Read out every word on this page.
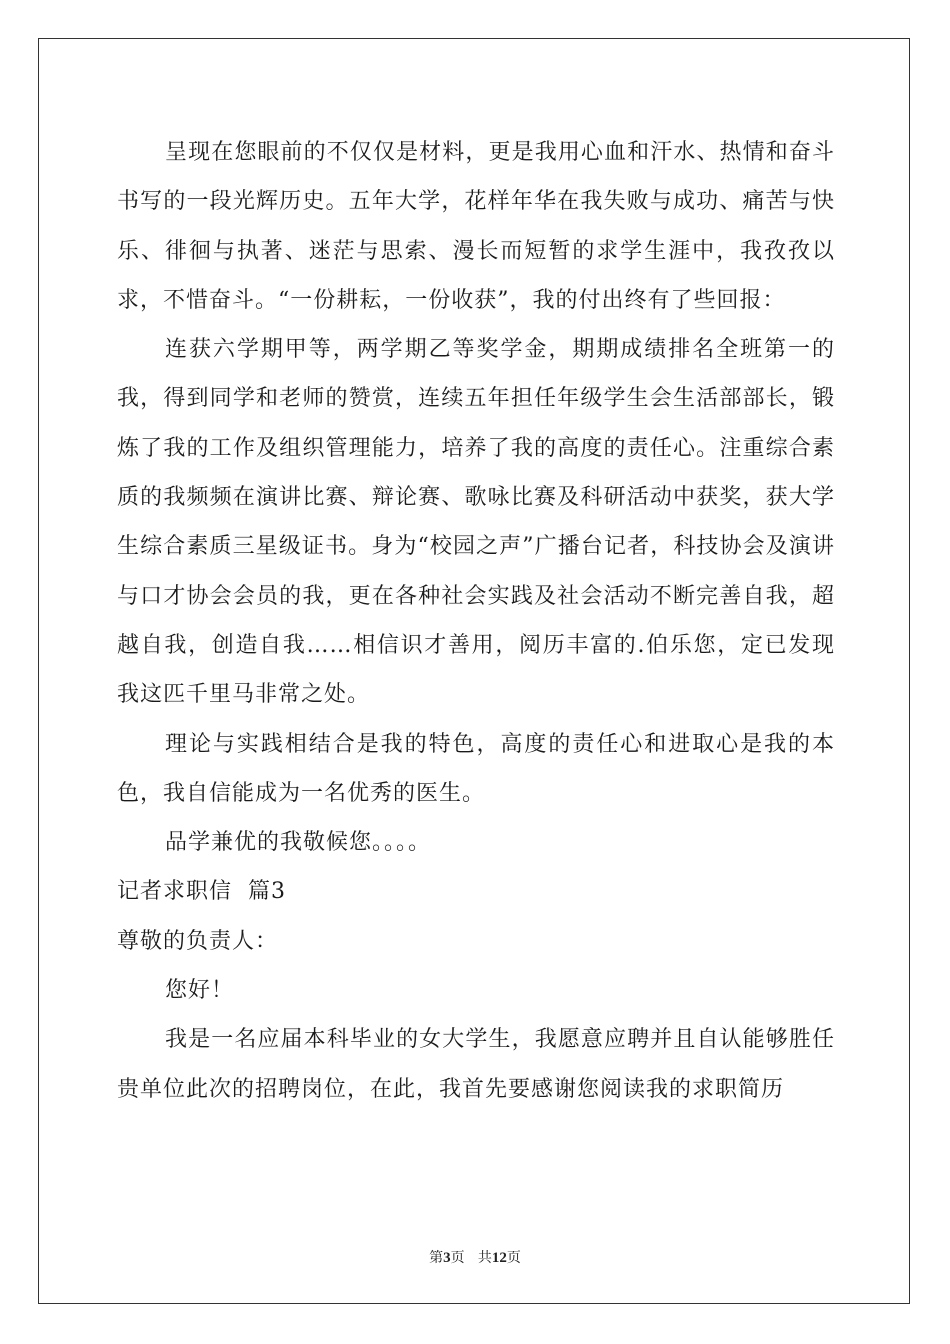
呈现在您眼前的不仅仅是材料，更是我用心血和汗水、热情和奋斗书写的一段光辉历史。五年大学，花样年华在我失败与成功、痛苦与快乐、徘徊与执著、迷茫与思索、漫长而短暂的求学生涯中，我孜孜以求，不惜奋斗。“一份耕耘，一份收获”，我的付出终有了些回报：

连获六学期甲等，两学期乙等奖学金，期期成绩排名全班第一的我，得到同学和老师的赞赏，连续五年担任年级学生会生活部部长，锻炼了我的工作及组织管理能力，培养了我的高度的责任心。注重综合素质的我频频在演讲比赛、辩论赛、歌咏比赛及科研活动中获奖，获大学生综合素质三星级证书。身为“校园之声”广播台记者，科技协会及演讲与口才协会会员的我，更在各种社会实践及社会活动不断完善自我，超越自我，创造自我……相信识才善用，阅历丰富的.伯乐您，定已发现我这匹千里马非常之处。

理论与实践相结合是我的特色，高度的责任心和进取心是我的本色，我自信能成为一名优秀的医生。

品学兼优的我敬候您。。。。

记者求职信  篇3

尊敬的负责人：

您好！

我是一名应届本科毕业的女大学生，我愿意应聘并且自认能够胜任贵单位此次的招聘岗位，在此，我首先要感谢您阅读我的求职简历

第3页   共12页
